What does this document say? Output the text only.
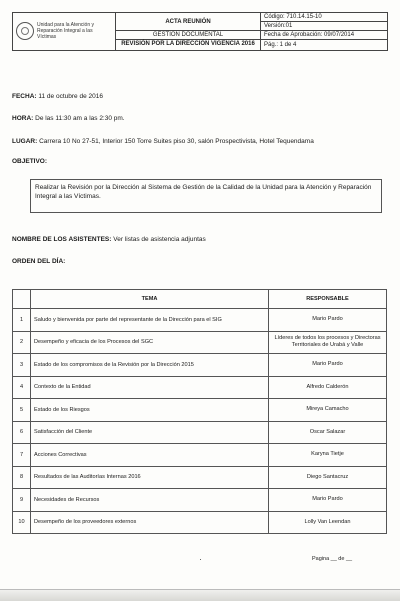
Unidad para la Atención y Reparación Integral a las Víctimas	ACTA REUNIÓN	Código: 710.14.15-10
		Versión:01
	GESTION DOCUMENTAL	Fecha de Aprobación: 09/07/2014
	REVISIÓN POR LA DIRECCIÓN VIGENCIA 2016	Pág.: 1 de 4
FECHA: 11 de octubre de 2016
HORA: De las 11:30 am a las 2:30 pm.
LUGAR: Carrera 10 No 27-51, Interior 150 Torre Suites piso 30, salón Prospectivista, Hotel Tequendama
OBJETIVO:
Realizar la Revisión por la Dirección al Sistema de Gestión de la Calidad de la Unidad para la Atención y Reparación Integral a las Víctimas.
NOMBRE DE LOS ASISTENTES: Ver listas de asistencia adjuntas
ORDEN DEL DÍA:
	TEMA	RESPONSABLE
1	Saludo y bienvenida por parte del representante de la Dirección para el SIG	Mario Pardo
2	Desempeño y eficacia de los Procesos del SGC	Líderes de todos los procesos y Directoras Territoriales de Urabá y Valle
3	Estado de los compromisos de la Revisión por la Dirección 2015	Mario Pardo
4	Contexto de la Entidad	Alfredo Calderón
5	Estado de los Riesgos	Mireya Camacho
6	Satisfacción del Cliente	Oscar Salazar
7	Acciones Correctivas	Karyna Tietje
8	Resultados de las Auditorías Internas 2016	Diego Santacruz
9	Necesidades de Recursos	Mario Pardo
10	Desempeño de los proveedores externos	Lolly Van Leendan
Pagina __ de __
